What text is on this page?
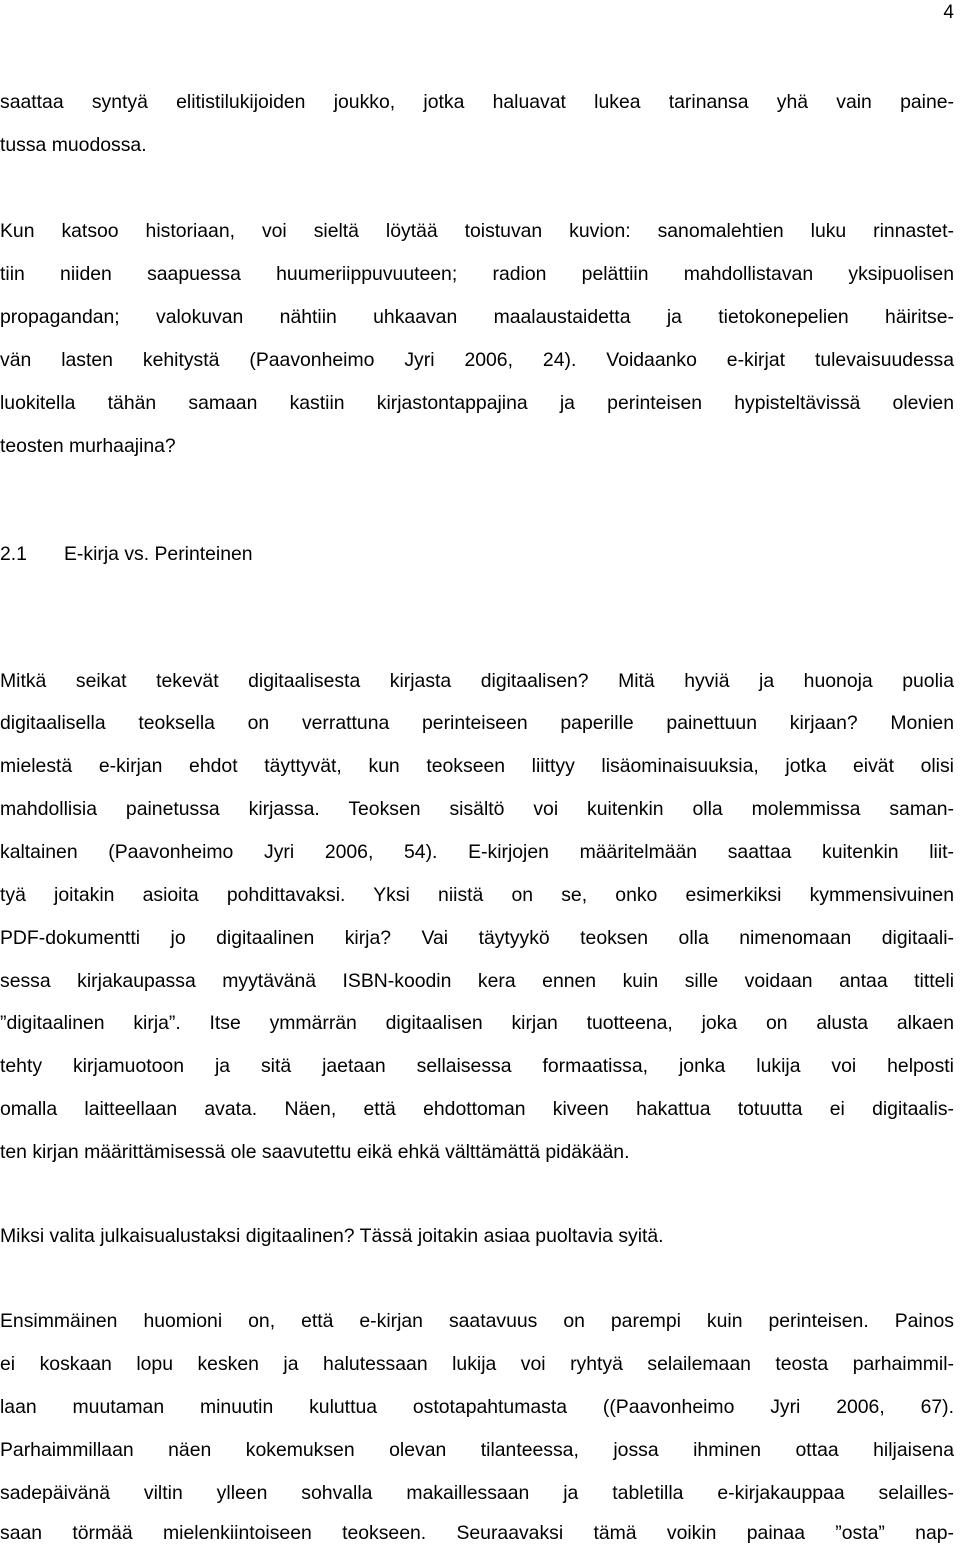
4

saattaa syntyä elitistilukijoiden joukko, jotka haluavat lukea tarinansa yhä vain paine-

tussa muodossa.

Kun katsoo historiaan, voi sieltä löytää toistuvan kuvion: sanomalehtien luku rinnastet-

tiin niiden saapuessa huumeriippuvuuteen; radion pelättiin mahdollistavan yksipuolisen

propagandan; valokuvan nähtiin uhkaavan maalaustaidetta ja tietokonepelien häiritse-

vän lasten kehitystä (Paavonheimo Jyri 2006, 24). Voidaanko e-kirjat tulevaisuudessa

luokitella tähän samaan kastiin kirjastontappajina ja perinteisen hypisteltävissä olevien

teosten murhaajina?

2.1 E-kirja vs. Perinteinen

Mitkä seikat tekevät digitaalisesta kirjasta digitaalisen? Mitä hyviä ja huonoja puolia

digitaalisella teoksella on verrattuna perinteiseen paperille painettuun kirjaan? Monien

mielestä e-kirjan ehdot täyttyvät, kun teokseen liittyy lisäominaisuuksia, jotka eivät olisi

mahdollisia painetussa kirjassa. Teoksen sisältö voi kuitenkin olla molemmissa saman-

kaltainen (Paavonheimo Jyri 2006, 54). E-kirjojen määritelmään saattaa kuitenkin liit-

tyä joitakin asioita pohdittavaksi. Yksi niistä on se, onko esimerkiksi kymmensivuinen

PDF-dokumentti jo digitaalinen kirja? Vai täytyykö teoksen olla nimenomaan digitaali-

sessa kirjakaupassa myytävänä ISBN-koodin kera ennen kuin sille voidaan antaa titteli

”digitaalinen kirja”. Itse ymmärrän digitaalisen kirjan tuotteena, joka on alusta alkaen

tehty kirjamuotoon ja sitä jaetaan sellaisessa formaatissa, jonka lukija voi helposti

omalla laitteellaan avata. Näen, että ehdottoman kiveen hakattua totuutta ei digitaalis-

ten kirjan määrittämisessä ole saavutettu eikä ehkä välttämättä pidäkään.

Miksi valita julkaisualustaksi digitaalinen? Tässä joitakin asiaa puoltavia syitä.

Ensimmäinen huomioni on, että e-kirjan saatavuus on parempi kuin perinteisen. Painos

ei koskaan lopu kesken ja halutessaan lukija voi ryhtyä selailemaan teosta parhaimmil-

laan muutaman minuutin kuluttua ostotapahtumasta ((Paavonheimo Jyri 2006, 67).

Parhaimmillaan näen kokemuksen olevan tilanteessa, jossa ihminen ottaa hiljaisena

sadepäivänä viltin ylleen sohvalla makaillessaan ja tabletilla e-kirjakauppaa selailles-

saan törmää mielenkiintoiseen teokseen. Seuraavaksi tämä voikin painaa ”osta” nap-
